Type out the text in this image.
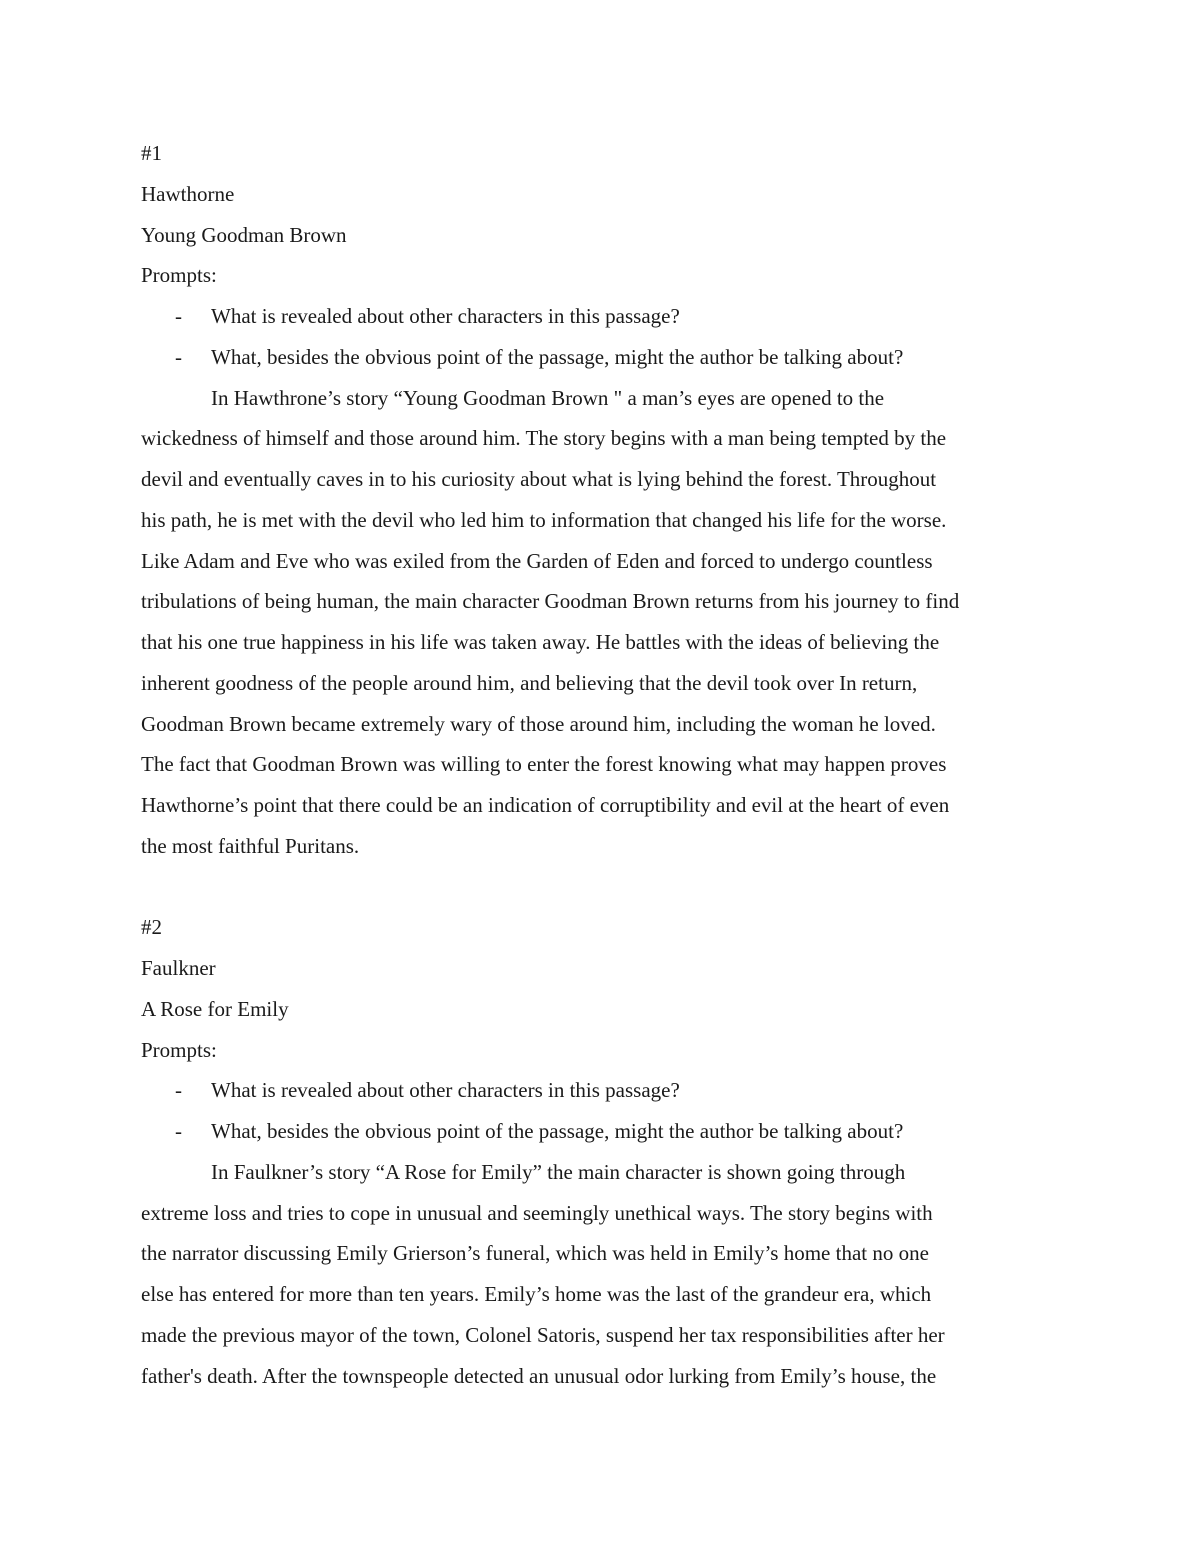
#1

Hawthorne

Young Goodman Brown

Prompts:

- What is revealed about other characters in this passage?
- What, besides the obvious point of the passage, might the author be talking about?
In Hawthrone’s story “Young Goodman Brown " a man’s eyes are opened to the
wickedness of himself and those around him. The story begins with a man being tempted by the
devil and eventually caves in to his curiosity about what is lying behind the forest. Throughout
his path, he is met with the devil who led him to information that changed his life for the worse.
Like Adam and Eve who was exiled from the Garden of Eden and forced to undergo countless
tribulations of being human, the main character Goodman Brown returns from his journey to find
that his one true happiness in his life was taken away. He battles with the ideas of believing the
inherent goodness of the people around him, and believing that the devil took over In return,
Goodman Brown became extremely wary of those around him, including the woman he loved.
The fact that Goodman Brown was willing to enter the forest knowing what may happen proves
Hawthorne’s point that there could be an indication of corruptibility and evil at the heart of even
the most faithful Puritans.

#2

Faulkner

A Rose for Emily

Prompts:

- What is revealed about other characters in this passage?
- What, besides the obvious point of the passage, might the author be talking about?
In Faulkner’s story “A Rose for Emily” the main character is shown going through
extreme loss and tries to cope in unusual and seemingly unethical ways. The story begins with
the narrator discussing Emily Grierson’s funeral, which was held in Emily’s home that no one
else has entered for more than ten years. Emily’s home was the last of the grandeur era, which
made the previous mayor of the town, Colonel Satoris, suspend her tax responsibilities after her
father's death. After the townspeople detected an unusual odor lurking from Emily’s house, the
